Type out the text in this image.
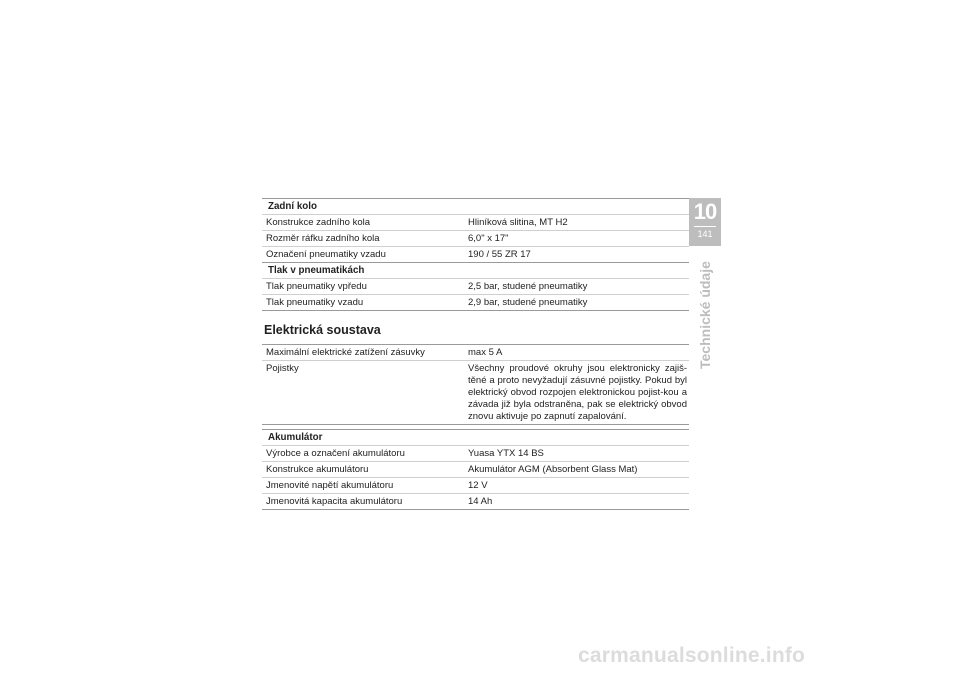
Zadní kolo
Konstrukce zadního kola	Hliníková slitina, MT H2
Rozměr ráfku zadního kola	6,0" x 17"
Označení pneumatiky vzadu	190 / 55 ZR 17
Tlak v pneumatikách
Tlak pneumatiky vpředu	2,5 bar, studené pneumatiky
Tlak pneumatiky vzadu	2,9 bar, studené pneumatiky
Elektrická soustava
Maximální elektrické zatížení zásuvky	max 5 A
Pojistky	Všechny proudové okruhy jsou elektronicky zajiš-těné a proto nevyžadují zásuvné pojistky. Pokud byl elektrický obvod rozpojen elektronickou pojist-kou a závada již byla odstraněna, pak se elektrický obvod znovu aktivuje po zapnutí zapalování.
Akumulátor
Výrobce a označení akumulátoru	Yuasa YTX 14 BS
Konstrukce akumulátoru	Akumulátor AGM (Absorbent Glass Mat)
Jmenovité napětí akumulátoru	12 V
Jmenovitá kapacita akumulátoru	14 Ah
10
141
Technické údaje
carmanualsonline.info
